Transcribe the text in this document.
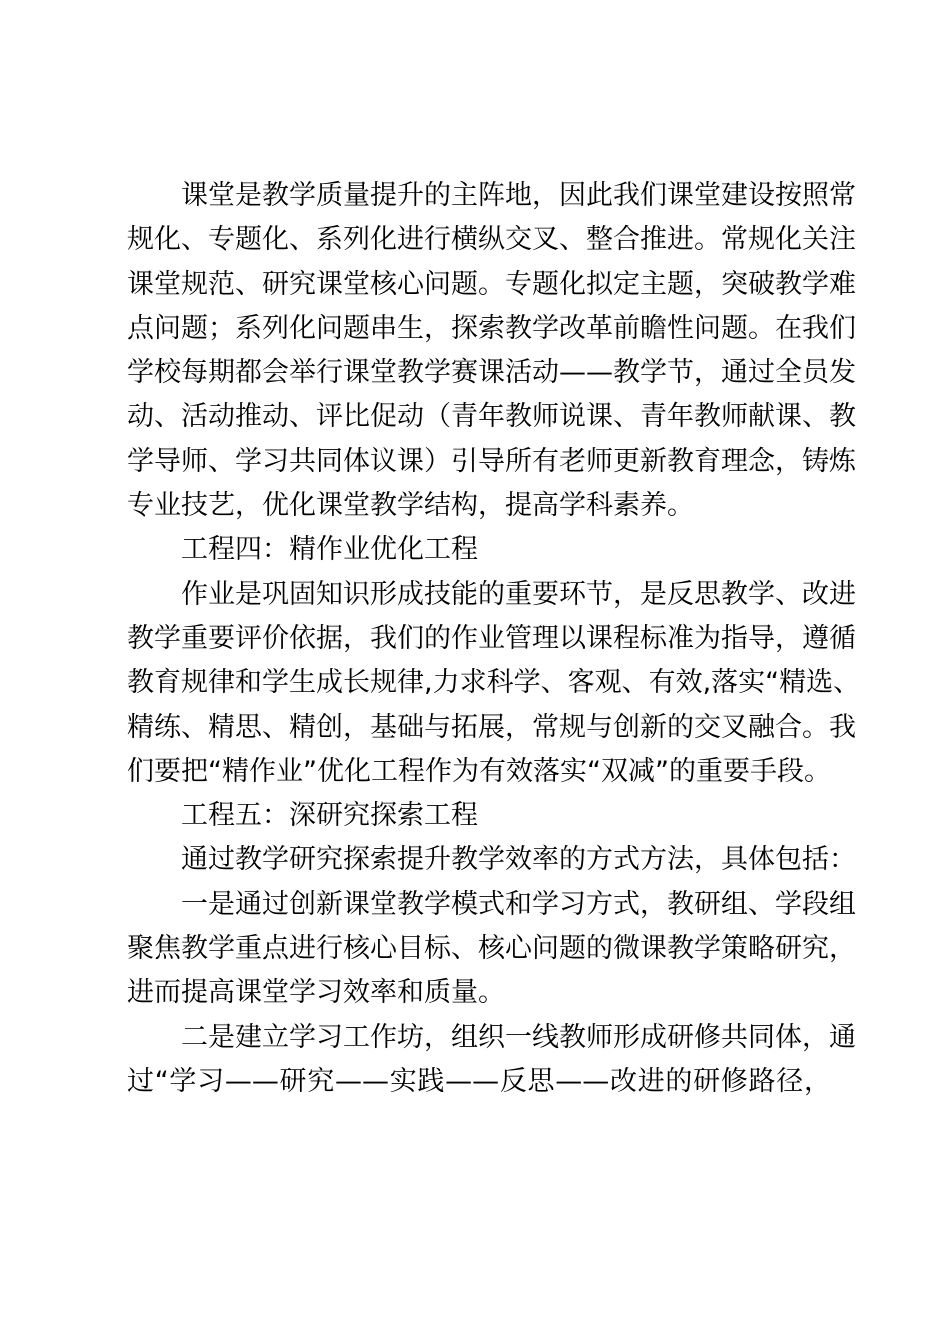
课堂是教学质量提升的主阵地，因此我们课堂建设按照常
规化、专题化、系列化进行横纵交叉、整合推进。常规化关注
课堂规范、研究课堂核心问题。专题化拟定主题，突破教学难
点问题；系列化问题串生，探索教学改革前瞻性问题。在我们
学校每期都会举行课堂教学赛课活动——教学节，通过全员发
动、活动推动、评比促动（青年教师说课、青年教师献课、教
学导师、学习共同体议课）引导所有老师更新教育理念，铸炼
专业技艺，优化课堂教学结构，提高学科素养。
工程四：精作业优化工程
作业是巩固知识形成技能的重要环节，是反思教学、改进
教学重要评价依据，我们的作业管理以课程标准为指导，遵循
教育规律和学生成长规律,力求科学、客观、有效,落实“精选、
精练、精思、精创，基础与拓展，常规与创新的交叉融合。我
们要把“精作业”优化工程作为有效落实“双减”的重要手段。
工程五：深研究探索工程
通过教学研究探索提升教学效率的方式方法，具体包括：
一是通过创新课堂教学模式和学习方式，教研组、学段组
聚焦教学重点进行核心目标、核心问题的微课教学策略研究，
进而提高课堂学习效率和质量。
二是建立学习工作坊，组织一线教师形成研修共同体，通
过“学习——研究——实践——反思——改进的研修路径，
